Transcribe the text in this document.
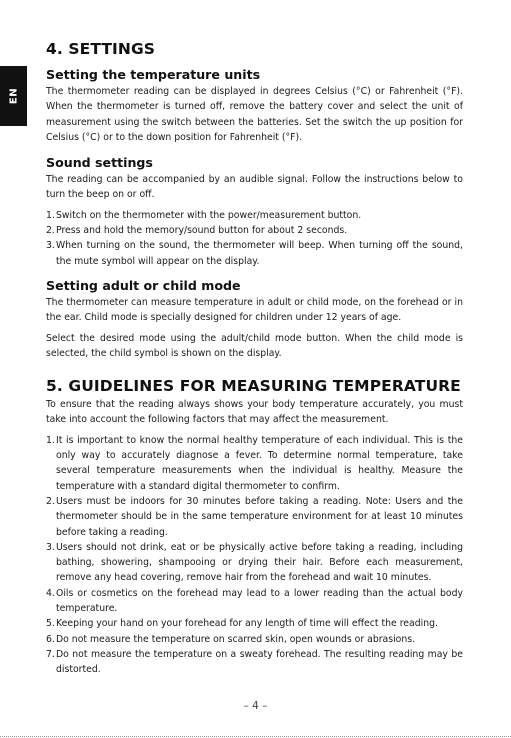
EN
4. SETTINGS
Setting the temperature units

The thermometer reading can be displayed in degrees Celsius (°C) or Fahrenheit (°F). When the thermometer is turned off, remove the battery cover and select the unit of measurement using the switch between the batteries. Set the switch the up position for Celsius (°C) or to the down position for Fahrenheit (°F).

Sound settings

The reading can be accompanied by an audible signal. Follow the instructions below to turn the beep on or off.

1. Switch on the thermometer with the power/measurement button.
2. Press and hold the memory/sound button for about 2 seconds.
3. When turning on the sound, the thermometer will beep. When turning off the sound, the mute symbol will appear on the display.
Setting adult or child mode

The thermometer can measure temperature in adult or child mode, on the forehead or in the ear. Child mode is specially designed for children under 12 years of age.

Select the desired mode using the adult/child mode button. When the child mode is selected, the child symbol is shown on the display.

5. GUIDELINES FOR MEASURING TEMPERATURE

To ensure that the reading always shows your body temperature accurately, you must take into account the following factors that may affect the measurement.

1. It is important to know the normal healthy temperature of each individual. This is the only way to accurately diagnose a fever. To determine normal temperature, take several temperature measurements when the individual is healthy. Measure the temperature with a standard digital thermometer to confirm.
2. Users must be indoors for 30 minutes before taking a reading. Note: Users and the thermometer should be in the same temperature environment for at least 10 minutes before taking a reading.
3. Users should not drink, eat or be physically active before taking a reading, including bathing, showering, shampooing or drying their hair. Before each measurement, remove any head covering, remove hair from the forehead and wait 10 minutes.
4. Oils or cosmetics on the forehead may lead to a lower reading than the actual body temperature.
5. Keeping your hand on your forehead for any length of time will effect the reading.
6. Do not measure the temperature on scarred skin, open wounds or abrasions.
7. Do not measure the temperature on a sweaty forehead. The resulting reading may be distorted.
– 4 –
